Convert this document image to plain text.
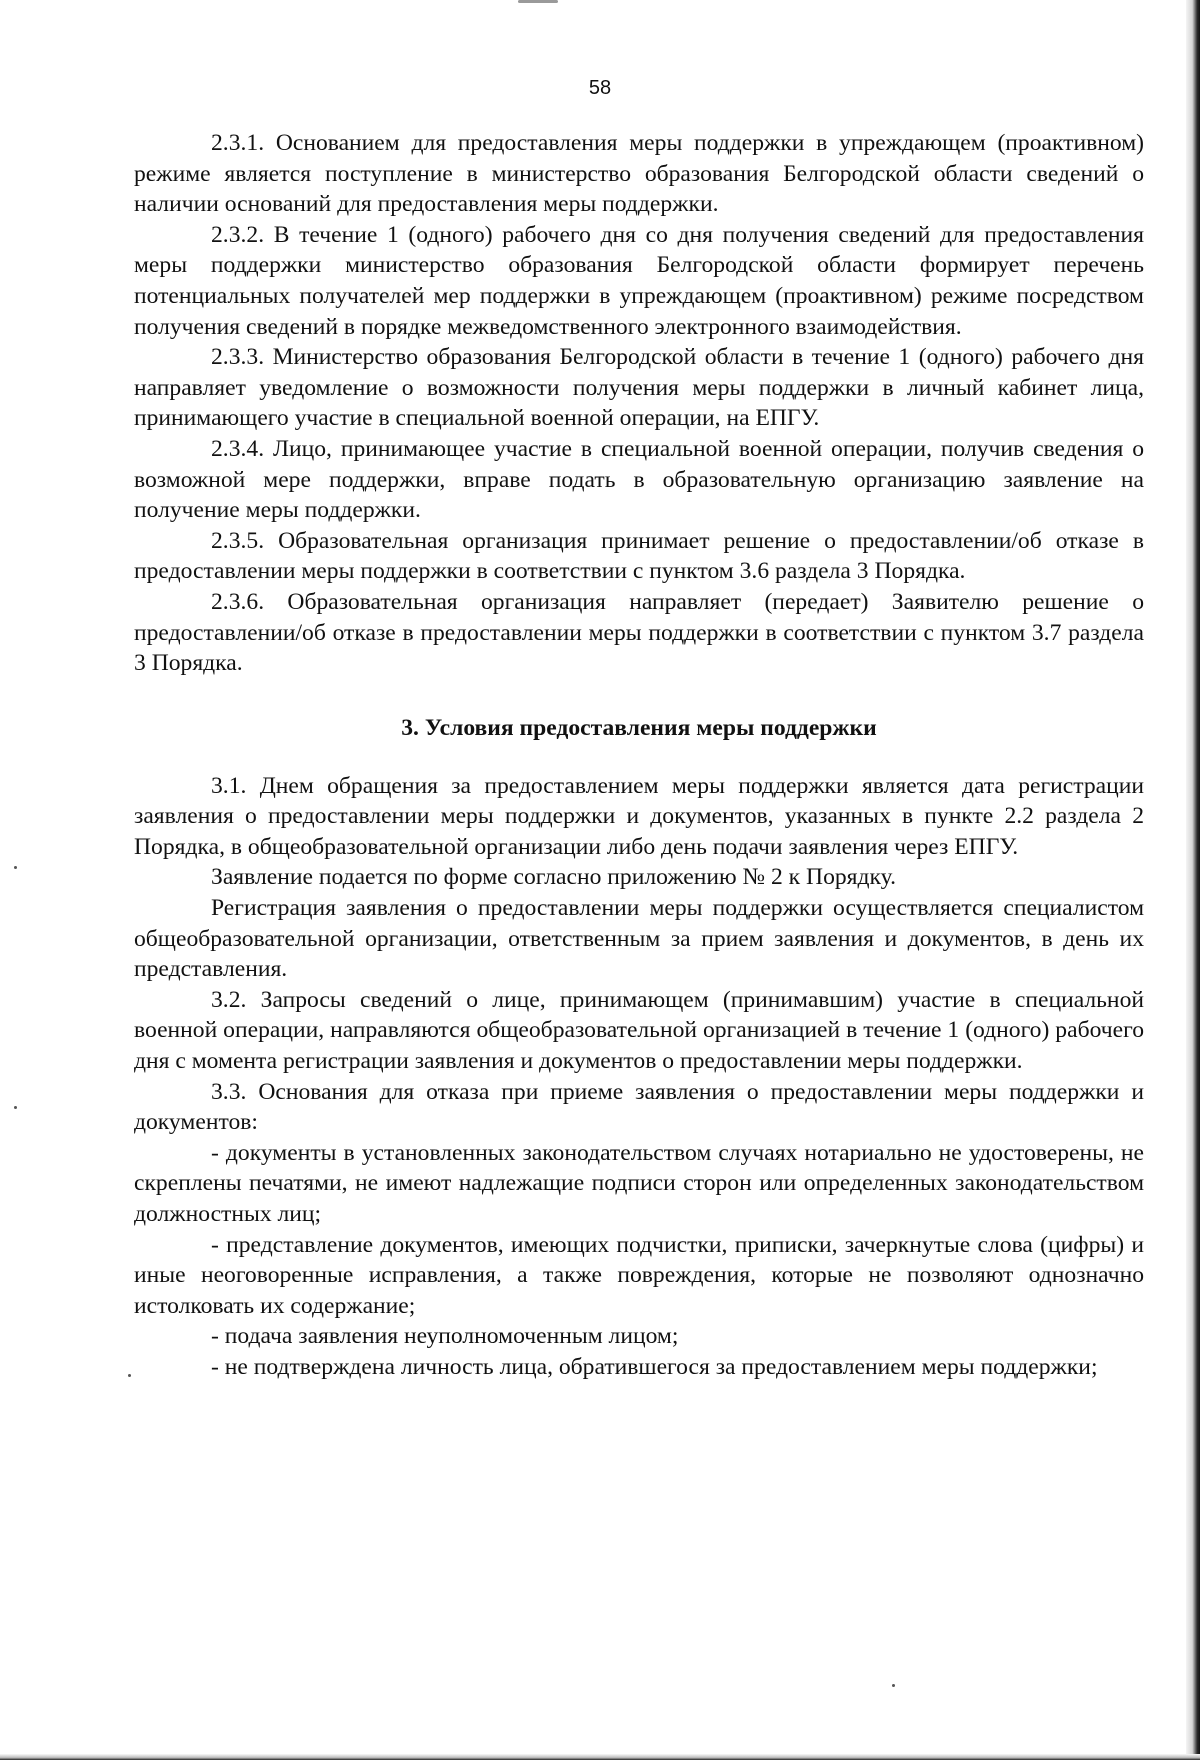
58

2.3.1. Основанием для предоставления меры поддержки в упреждающем (проактивном) режиме является поступление в министерство образования Белгородской области сведений о наличии оснований для предоставления меры поддержки.

2.3.2. В течение 1 (одного) рабочего дня со дня получения сведений для предоставления меры поддержки министерство образования Белгородской области формирует перечень потенциальных получателей мер поддержки в упреждающем (проактивном) режиме посредством получения сведений в порядке межведомственного электронного взаимодействия.

2.3.3. Министерство образования Белгородской области в течение 1 (одного) рабочего дня направляет уведомление о возможности получения меры поддержки в личный кабинет лица, принимающего участие в специальной военной операции, на ЕПГУ.

2.3.4. Лицо, принимающее участие в специальной военной операции, получив сведения о возможной мере поддержки, вправе подать в образовательную организацию заявление на получение меры поддержки.

2.3.5. Образовательная организация принимает решение о предоставлении/об отказе в предоставлении меры поддержки в соответствии с пунктом 3.6 раздела 3 Порядка.

2.3.6. Образовательная организация направляет (передает) Заявителю решение о предоставлении/об отказе в предоставлении меры поддержки в соответствии с пунктом 3.7 раздела 3 Порядка.

3. Условия предоставления меры поддержки

3.1. Днем обращения за предоставлением меры поддержки является дата регистрации заявления о предоставлении меры поддержки и документов, указанных в пункте 2.2 раздела 2 Порядка, в общеобразовательной организации либо день подачи заявления через ЕПГУ.

Заявление подается по форме согласно приложению № 2 к Порядку.

Регистрация заявления о предоставлении меры поддержки осуществляется специалистом общеобразовательной организации, ответственным за прием заявления и документов, в день их представления.

3.2. Запросы сведений о лице, принимающем (принимавшим) участие в специальной военной операции, направляются общеобразовательной организацией в течение 1 (одного) рабочего дня с момента регистрации заявления и документов о предоставлении меры поддержки.

3.3. Основания для отказа при приеме заявления о предоставлении меры поддержки и документов:

- документы в установленных законодательством случаях нотариально не удостоверены, не скреплены печатями, не имеют надлежащие подписи сторон или определенных законодательством должностных лиц;

- представление документов, имеющих подчистки, приписки, зачеркнутые слова (цифры) и иные неоговоренные исправления, а также повреждения, которые не позволяют однозначно истолковать их содержание;

- подача заявления неуполномоченным лицом;

- не подтверждена личность лица, обратившегося за предоставлением меры поддержки;
